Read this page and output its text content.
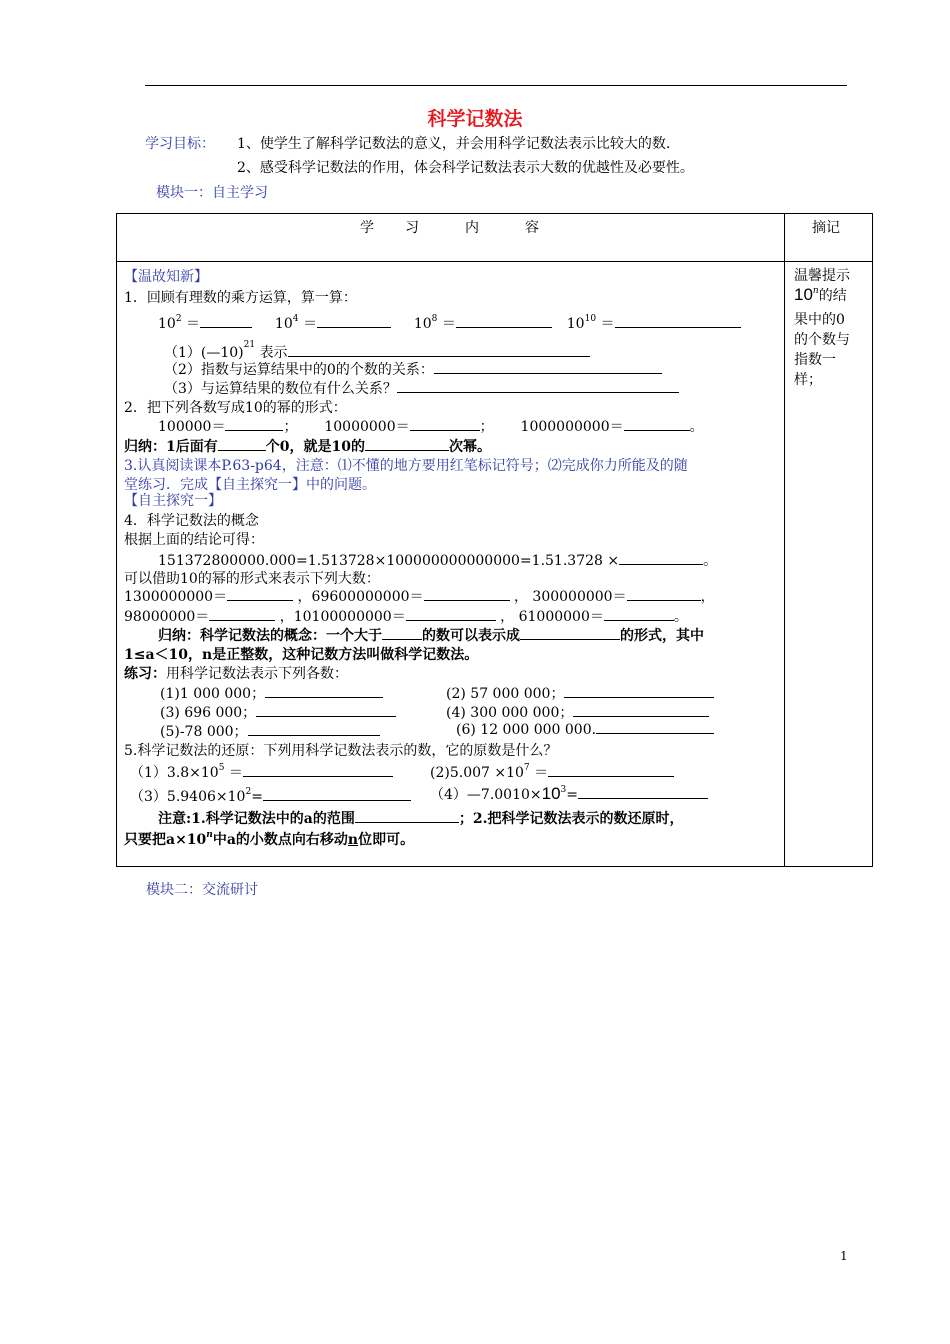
科学记数法
学习目标： 1、使学生了解科学记数法的意义，并会用科学记数法表示比较大的数.
2、感受科学记数法的作用，体会科学记数法表示大数的优越性及必要性。
模块一：自主学习
学　　习　　　内　　　容	摘记
温馨提示
10$^n$的结
果中的0
的个数与
指数一
样；
【温故知新】
1．回顾有理数的乘方运算，算一算：
$10^2$ ＝	$10^4$ ＝	$10^8$ ＝	$10^{10}$ ＝
（1）(—10)$^{21}$ 表示
（2）指数与运算结果中的0的个数的关系：
（3）与运算结果的数位有什么关系？
2．把下列各数写成10的幂的形式：
100000＝	； 10000000＝	； 1000000000＝	。
归纳：1后面有	个0，就是10的	次幂。
3.认真阅读课本P.63-p64，注意：⑴不懂的地方要用红笔标记符号；⑵完成你力所能及的随
堂练习．完成【自主探究一】中的问题。
【自主探究一】
4．科学记数法的概念
根据上面的结论可得：
151372800000.000=1.513728×100000000000000=1.51.3728 ×	。
可以借助10的幂的形式来表示下列大数：
1300000000＝	，69600000000＝	， 300000000＝	，
98000000＝	，10100000000＝	， 61000000＝	。
归纳：科学记数法的概念：一个大于	的数可以表示成	的形式，其中
1≤a＜10，n是正整数，这种记数方法叫做科学记数法。
练习：用科学记数法表示下列各数：
(1)1 000 000；	(2) 57 000 000；
(3) 696 000；	(4) 300 000 000；
(5)-78 000；	(6) 12 000 000 000.
5.科学记数法的还原：下列用科学记数法表示的数，它的原数是什么？
$(1)3.8\times 10^5$ ＝	$(2)5.007 \times 10^7$ ＝
$(3)5.9406\times 10^2=$	$(4)—7.0010\times 10^3=$
注意:1.科学记数法中的a的范围	；2.把科学记数法表示的数还原时，
只要把$a\times 10^n$中a的小数点向右移动n位即可。
模块二：交流研讨
1
